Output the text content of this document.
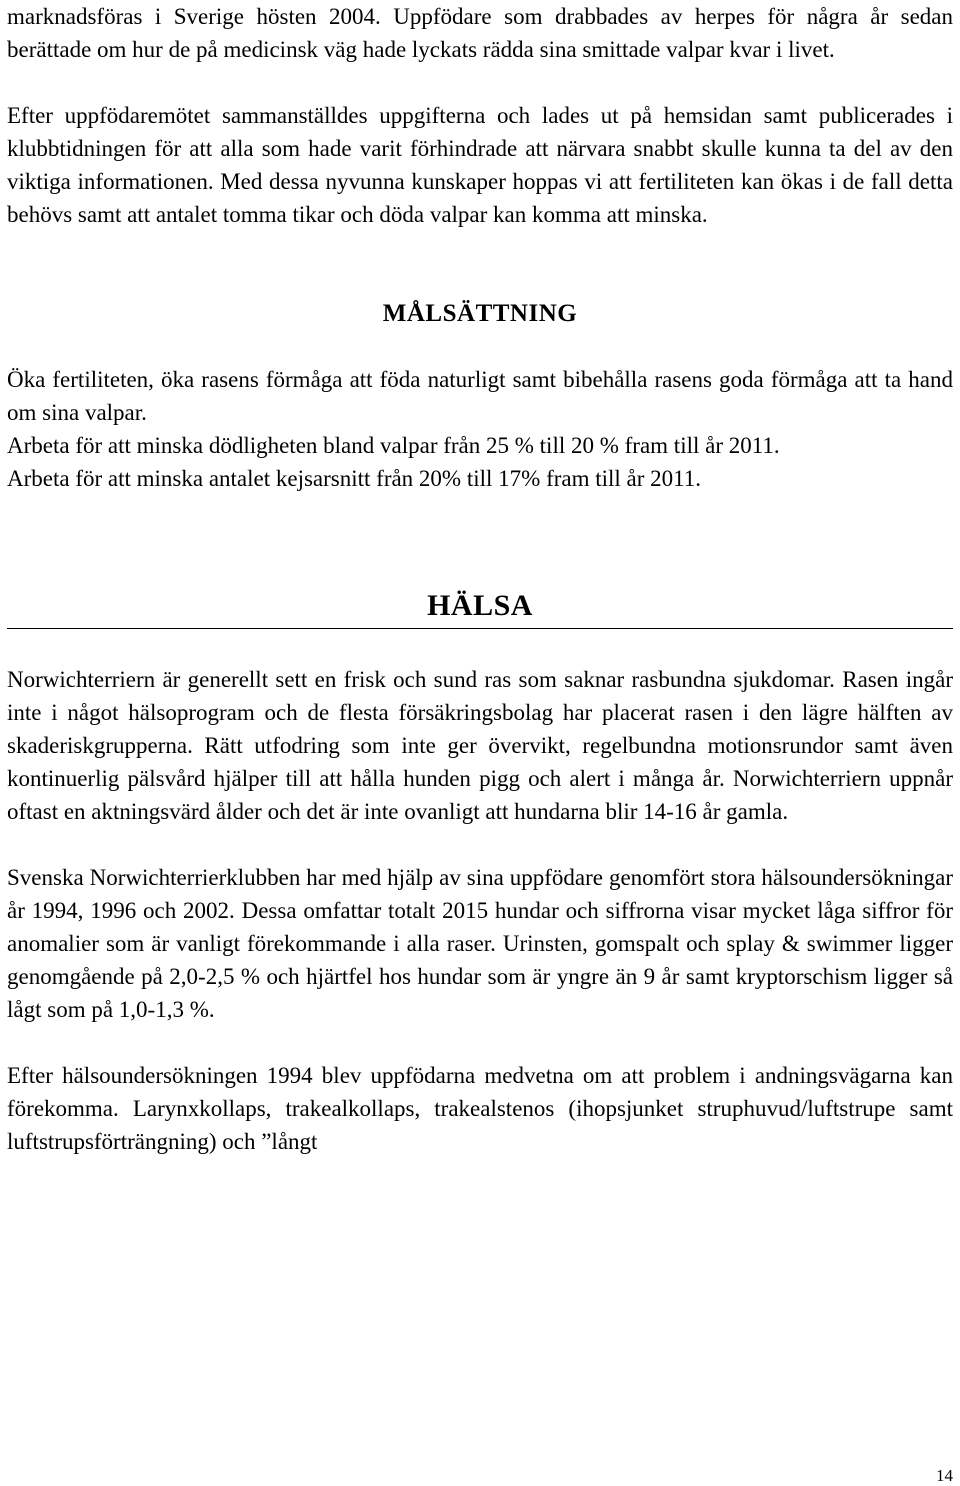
marknadsföras i Sverige hösten 2004. Uppfödare som drabbades av herpes för några år sedan berättade om hur de på medicinsk väg hade lyckats rädda sina smittade valpar kvar i livet.

Efter uppfödaremötet sammanställdes uppgifterna och lades ut på hemsidan samt publicerades i klubbtidningen för att alla som hade varit förhindrade att närvara snabbt skulle kunna ta del av den viktiga informationen. Med dessa nyvunna kunskaper hoppas vi att fertiliteten kan ökas i de fall detta behövs samt att antalet tomma tikar och döda valpar kan komma att minska.

MÅLSÄTTNING

Öka fertiliteten, öka rasens förmåga att föda naturligt samt bibehålla rasens goda förmåga att ta hand om sina valpar.

Arbeta för att minska dödligheten bland valpar från 25 % till 20 % fram till år 2011.

Arbeta för att minska antalet kejsarsnitt från 20% till 17% fram till år 2011.

HÄLSA

Norwichterriern är generellt sett en frisk och sund ras som saknar rasbundna sjukdomar. Rasen ingår inte i något hälsoprogram och de flesta försäkringsbolag har placerat rasen i den lägre hälften av skaderiskgrupperna. Rätt utfodring som inte ger övervikt, regelbundna motionsrundor samt även kontinuerlig pälsvård hjälper till att hålla hunden pigg och alert i många år. Norwichterriern uppnår oftast en aktningsvärd ålder och det är inte ovanligt att hundarna blir 14-16 år gamla.

Svenska Norwichterrierklubben har med hjälp av sina uppfödare genomfört stora hälsoundersökningar år 1994, 1996 och 2002. Dessa omfattar totalt 2015 hundar och siffrorna visar mycket låga siffror för anomalier som är vanligt förekommande i alla raser. Urinsten, gomspalt och splay & swimmer ligger genomgående på 2,0-2,5 % och hjärtfel hos hundar som är yngre än 9 år samt kryptorschism ligger så lågt som på 1,0-1,3 %.

Efter hälsoundersökningen 1994 blev uppfödarna medvetna om att problem i andningsvägarna kan förekomma. Larynxkollaps, trakealkollaps, trakealstenos (ihopsjunket struphuvud/luftstrupe samt luftstrupsförträngning) och ”långt

14
